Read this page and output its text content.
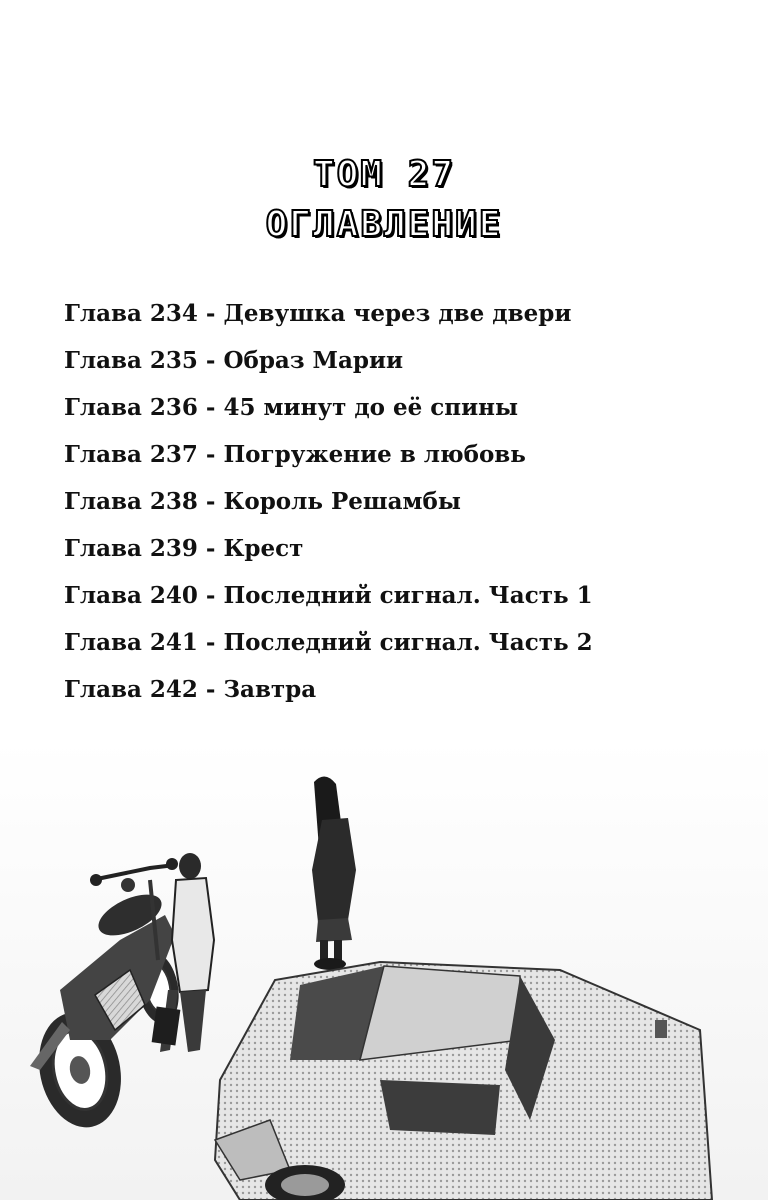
ТОМ 27
ОГЛАВЛЕНИЕ
Глава 234 - Девушка через две двери
Глава 235 - Образ Марии
Глава 236 - 45 минут до её спины
Глава 237 - Погружение в любовь
Глава 238 - Король Решамбы
Глава 239 - Крест
Глава 240 - Последний сигнал. Часть 1
Глава 241 - Последний сигнал. Часть 2
Глава 242 - Завтра
